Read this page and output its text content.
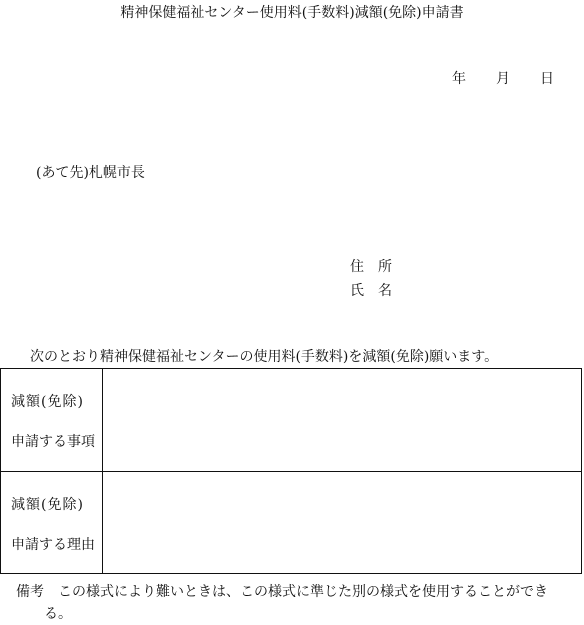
精神保健福祉センター使用料(手数料)減額(免除)申請書
年 月 日
(あて先)札幌市長
住 所
氏 名
次のとおり精神保健福祉センターの使用料(手数料)を減額(免除)願います。
減額(免除)
申請する事項
減額(免除)
申請する理由
備考　この様式により難いときは、この様式に準じた別の様式を使用することができ
る。
